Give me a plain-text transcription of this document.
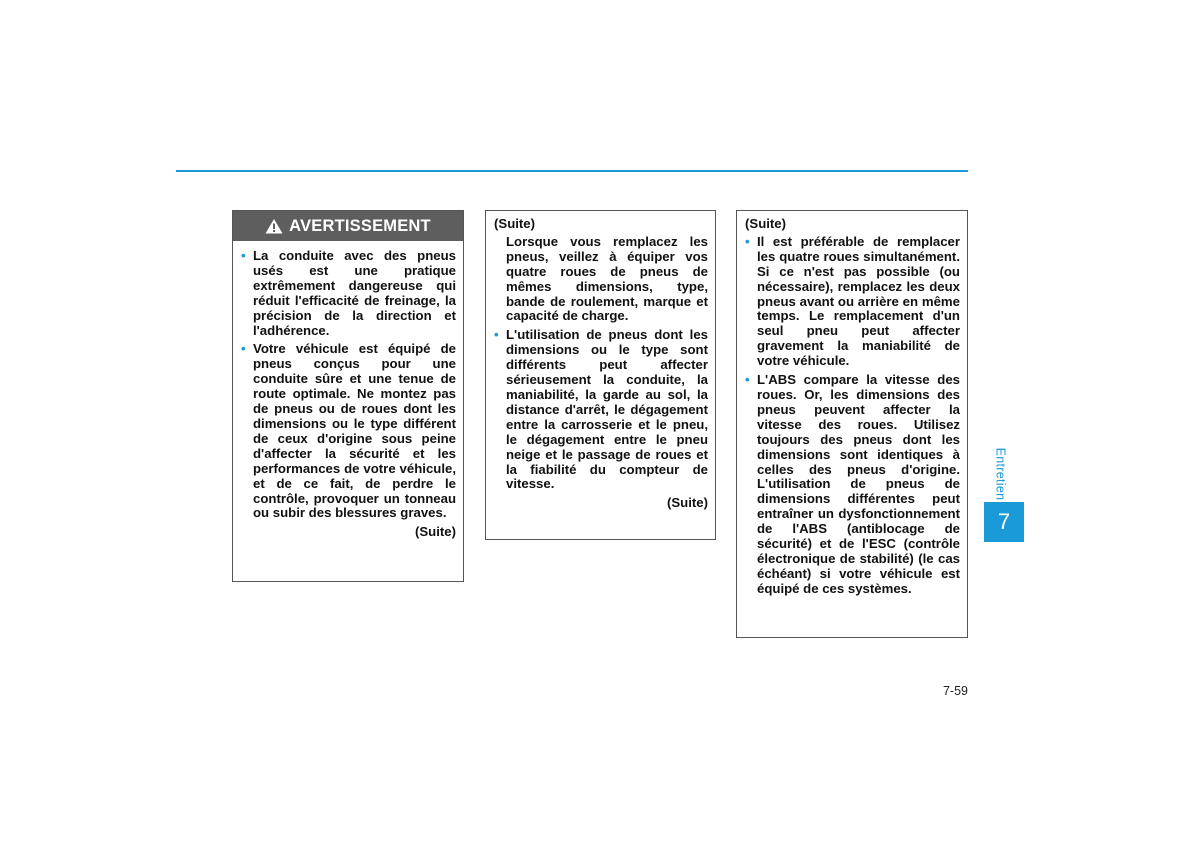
AVERTISSEMENT
• La conduite avec des pneus usés est une pratique extrêmement dangereuse qui réduit l'efficacité de freinage, la précision de la direction et l'adhérence.
• Votre véhicule est équipé de pneus conçus pour une conduite sûre et une tenue de route optimale. Ne montez pas de pneus ou de roues dont les dimensions ou le type différent de ceux d'origine sous peine d'affecter la sécurité et les performances de votre véhicule, et de ce fait, de perdre le contrôle, provoquer un tonneau ou subir des blessures graves.
(Suite)
(Suite)
Lorsque vous remplacez les pneus, veillez à équiper vos quatre roues de pneus de mêmes dimensions, type, bande de roulement, marque et capacité de charge.
• L'utilisation de pneus dont les dimensions ou le type sont différents peut affecter sérieusement la conduite, la maniabilité, la garde au sol, la distance d'arrêt, le dégagement entre la carrosserie et le pneu, le dégagement entre le pneu neige et le passage de roues et la fiabilité du compteur de vitesse.
(Suite)
(Suite)
• Il est préférable de remplacer les quatre roues simultanément. Si ce n'est pas possible (ou nécessaire), remplacez les deux pneus avant ou arrière en même temps. Le remplacement d'un seul pneu peut affecter gravement la maniabilité de votre véhicule.
• L'ABS compare la vitesse des roues. Or, les dimensions des pneus peuvent affecter la vitesse des roues. Utilisez toujours des pneus dont les dimensions sont identiques à celles des pneus d'origine. L'utilisation de pneus de dimensions différentes peut entraîner un dysfonctionnement de l'ABS (antiblocage de sécurité) et de l'ESC (contrôle électronique de stabilité) (le cas échéant) si votre véhicule est équipé de ces systèmes.
Entretien
7
7-59
